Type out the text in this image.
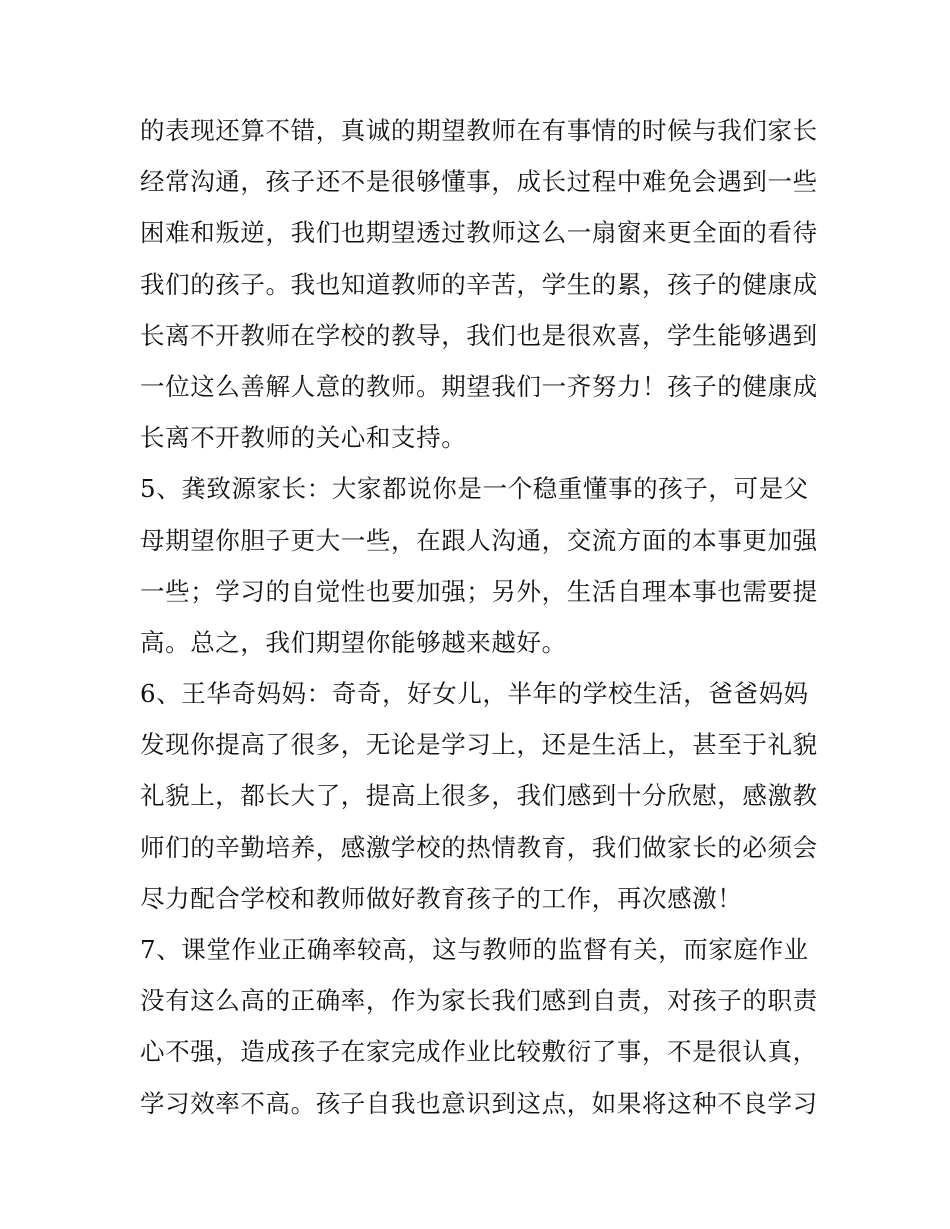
的表现还算不错，真诚的期望教师在有事情的时候与我们家长
经常沟通，孩子还不是很够懂事，成长过程中难免会遇到一些
困难和叛逆，我们也期望透过教师这么一扇窗来更全面的看待
我们的孩子。我也知道教师的辛苦，学生的累，孩子的健康成
长离不开教师在学校的教导，我们也是很欢喜，学生能够遇到
一位这么善解人意的教师。期望我们一齐努力！孩子的健康成
长离不开教师的关心和支持。
5、龚致源家长：大家都说你是一个稳重懂事的孩子，可是父
母期望你胆子更大一些，在跟人沟通，交流方面的本事更加强
一些；学习的自觉性也要加强；另外，生活自理本事也需要提
高。总之，我们期望你能够越来越好。
6、王华奇妈妈：奇奇，好女儿，半年的学校生活，爸爸妈妈
发现你提高了很多，无论是学习上，还是生活上，甚至于礼貌
礼貌上，都长大了，提高上很多，我们感到十分欣慰，感激教
师们的辛勤培养，感激学校的热情教育，我们做家长的必须会
尽力配合学校和教师做好教育孩子的工作，再次感激！
7、课堂作业正确率较高，这与教师的监督有关，而家庭作业
没有这么高的正确率，作为家长我们感到自责，对孩子的职责
心不强，造成孩子在家完成作业比较敷衍了事，不是很认真，
学习效率不高。孩子自我也意识到这点，如果将这种不良学习
